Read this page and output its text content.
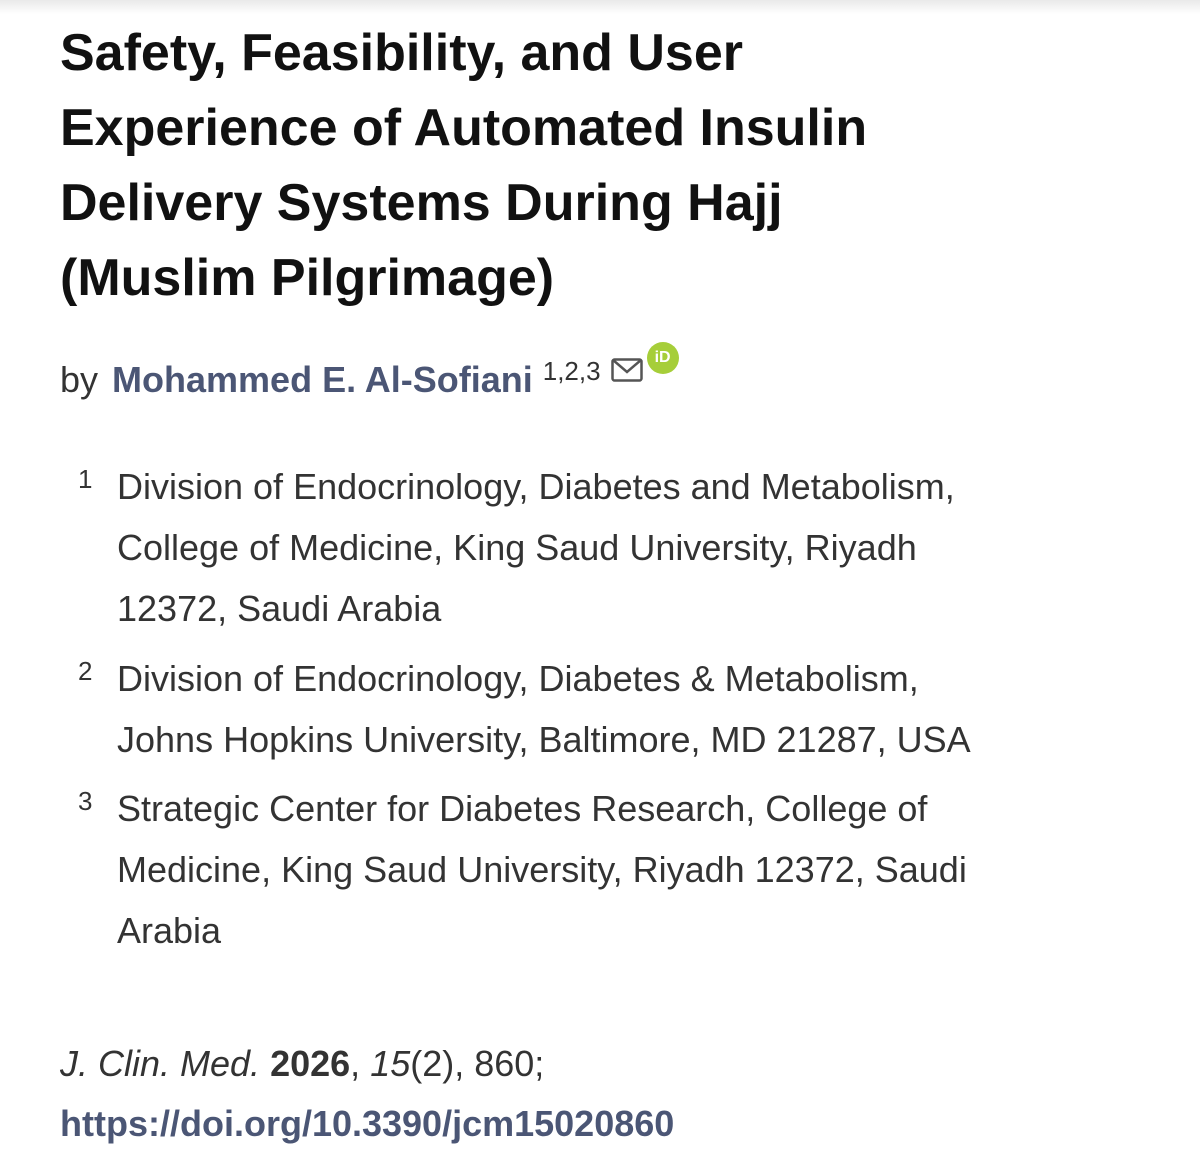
Safety, Feasibility, and User
Experience of Automated Insulin
Delivery Systems During Hajj
(Muslim Pilgrimage)
by Mohammed E. Al-Sofiani $^{1,2,3}$	iD
1 Division of Endocrinology, Diabetes and Metabolism,
College of Medicine, King Saud University, Riyadh
12372, Saudi Arabia
2 Division of Endocrinology, Diabetes & Metabolism,
Johns Hopkins University, Baltimore, MD 21287, USA
3 Strategic Center for Diabetes Research, College of
Medicine, King Saud University, Riyadh 12372, Saudi
Arabia
J. Clin. Med. 2026, 15(2), 860;
https://doi.org/10.3390/jcm15020860
